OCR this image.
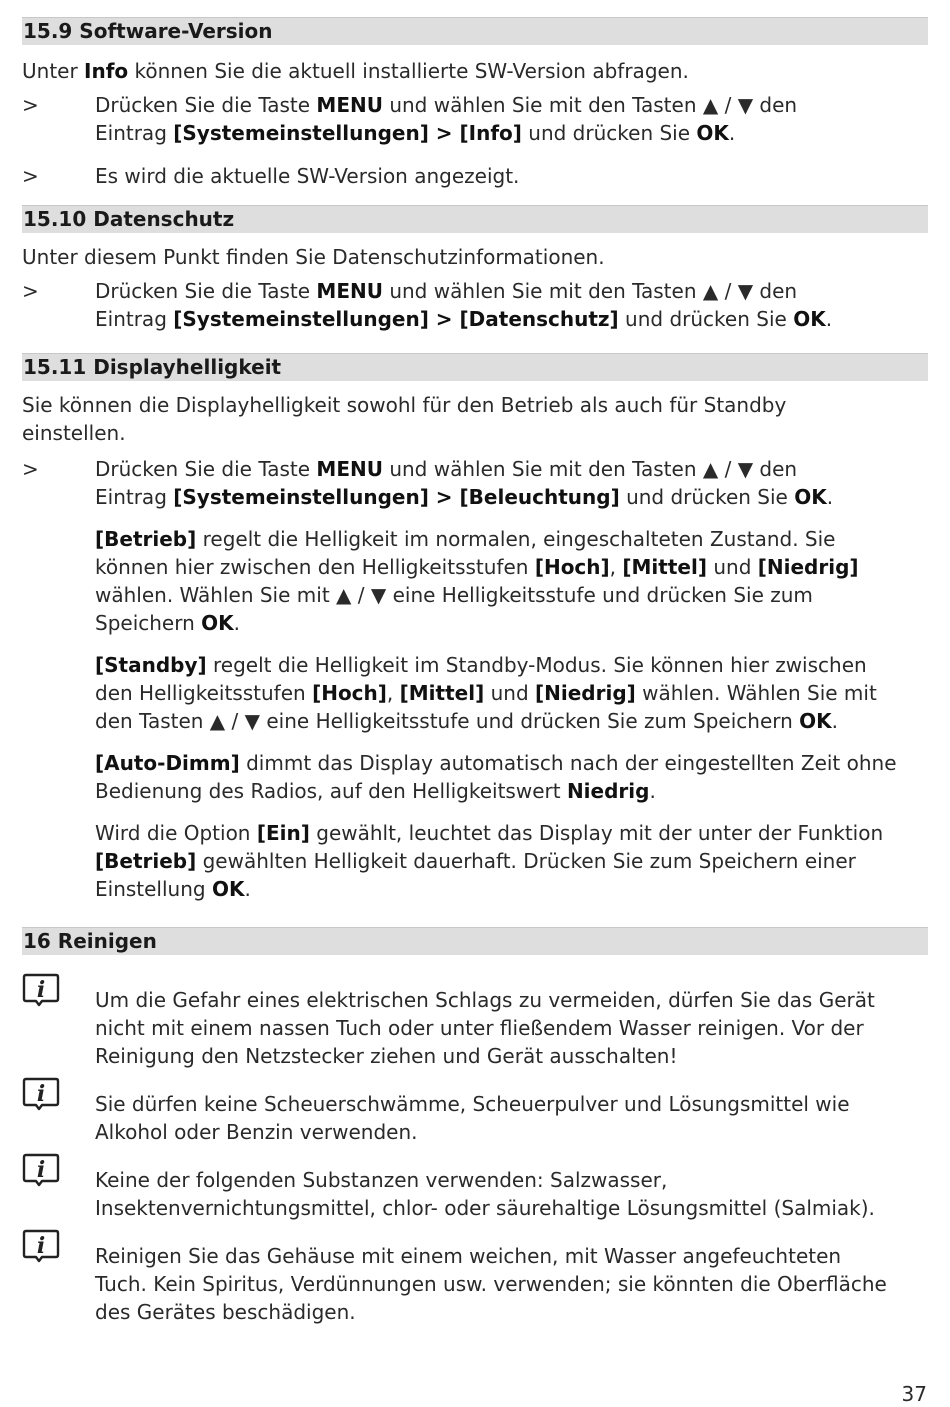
15.9 Software-Version

Unter Info können Sie die aktuell installierte SW-Version abfragen.

>	Drücken Sie die Taste MENU und wählen Sie mit den Tasten ▲ / ▼ den
Eintrag [Systemeinstellungen] > [Info] und drücken Sie OK.
>	Es wird die aktuelle SW-Version angezeigt.
15.10 Datenschutz

Unter diesem Punkt finden Sie Datenschutzinformationen.

>	Drücken Sie die Taste MENU und wählen Sie mit den Tasten ▲ / ▼ den
Eintrag [Systemeinstellungen] > [Datenschutz] und drücken Sie OK.
15.11 Displayhelligkeit

Sie können die Displayhelligkeit sowohl für den Betrieb als auch für Standby
einstellen.

>	Drücken Sie die Taste MENU und wählen Sie mit den Tasten ▲ / ▼ den
Eintrag [Systemeinstellungen] > [Beleuchtung] und drücken Sie OK.
[Betrieb] regelt die Helligkeit im normalen, eingeschalteten Zustand. Sie
können hier zwischen den Helligkeitsstufen [Hoch], [Mittel] und [Niedrig]
wählen. Wählen Sie mit ▲ / ▼ eine Helligkeitsstufe und drücken Sie zum
Speichern OK.
[Standby] regelt die Helligkeit im Standby-Modus. Sie können hier zwischen
den Helligkeitsstufen [Hoch], [Mittel] und [Niedrig] wählen. Wählen Sie mit
den Tasten ▲ / ▼ eine Helligkeitsstufe und drücken Sie zum Speichern OK.
[Auto-Dimm] dimmt das Display automatisch nach der eingestellten Zeit ohne
Bedienung des Radios, auf den Helligkeitswert Niedrig.
Wird die Option [Ein] gewählt, leuchtet das Display mit der unter der Funktion
[Betrieb] gewählten Helligkeit dauerhaft. Drücken Sie zum Speichern einer
Einstellung OK.
16 Reinigen
i Um die Gefahr eines elektrischen Schlags zu vermeiden, dürfen Sie das Gerät
nicht mit einem nassen Tuch oder unter fließendem Wasser reinigen. Vor der
Reinigung den Netzstecker ziehen und Gerät ausschalten!
i Sie dürfen keine Scheuerschwämme, Scheuerpulver und Lösungsmittel wie
Alkohol oder Benzin verwenden.
i Keine der folgenden Substanzen verwenden: Salzwasser,
Insektenvernichtungsmittel, chlor- oder säurehaltige Lösungsmittel (Salmiak).
i Reinigen Sie das Gehäuse mit einem weichen, mit Wasser angefeuchteten
Tuch. Kein Spiritus, Verdünnungen usw. verwenden; sie könnten die Oberfläche
des Gerätes beschädigen.
37
